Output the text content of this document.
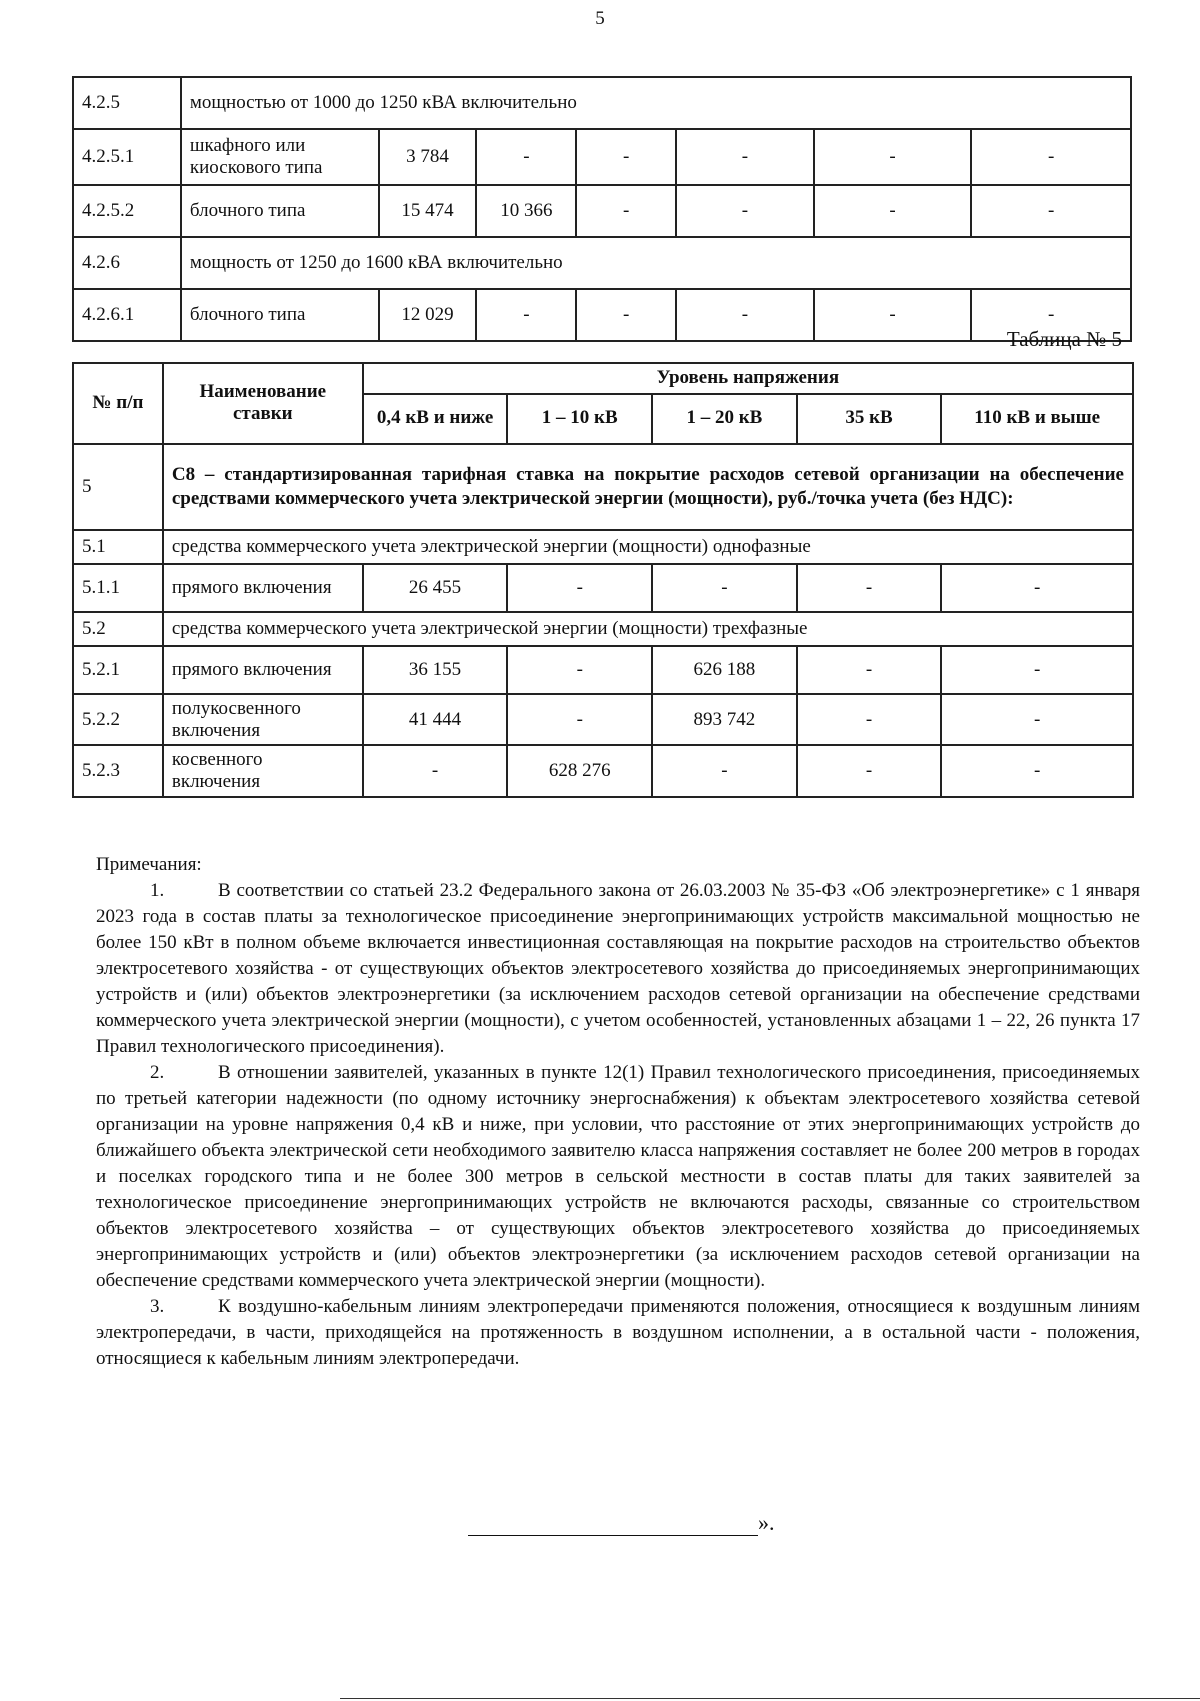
5
4.2.5	мощностью от 1000 до 1250 кВА включительно						
4.2.5.1	шкафного или киоскового типа	3 784	-	-	-	-	-
4.2.5.2	блочного типа	15 474	10 366	-	-	-	-
4.2.6	мощность от 1250 до 1600 кВА включительно						
4.2.6.1	блочного типа	12 029	-	-	-	-	-
Таблица № 5
№ п/п	Наименование ставки	Уровень напряжения				
		0,4 кВ и ниже	1 – 10 кВ	1 – 20 кВ	35 кВ	110 кВ и выше
5	С8 – стандартизированная тарифная ставка на покрытие расходов сетевой организации на обеспечение средствами коммерческого учета электрической энергии (мощности), руб./точка учета (без НДС):					
5.1	средства коммерческого учета электрической энергии (мощности) однофазные					
5.1.1	прямого включения	26 455	-	-	-	-
5.2	средства коммерческого учета электрической энергии (мощности) трехфазные					
5.2.1	прямого включения	36 155	-	626 188	-	-
5.2.2	полукосвенного включения	41 444	-	893 742	-	-
5.2.3	косвенного включения	-	628 276	-	-	-

Примечания:

1.	В соответствии со статьей 23.2 Федерального закона от 26.03.2003 № 35-ФЗ «Об электроэнергетике» с 1 января 2023 года в состав платы за технологическое присоединение энергопринимающих устройств максимальной мощностью не более 150 кВт в полном объеме включается инвестиционная составляющая на покрытие расходов на строительство объектов электросетевого хозяйства - от существующих объектов электросетевого хозяйства до присоединяемых энергопринимающих устройств и (или) объектов электроэнергетики (за исключением расходов сетевой организации на обеспечение средствами коммерческого учета электрической энергии (мощности), с учетом особенностей, установленных абзацами 1 – 22, 26 пункта 17 Правил технологического присоединения).

2.	В отношении заявителей, указанных в пункте 12(1) Правил технологического присоединения, присоединяемых по третьей категории надежности (по одному источнику энергоснабжения) к объектам электросетевого хозяйства сетевой организации на уровне напряжения 0,4 кВ и ниже, при условии, что расстояние от этих энергопринимающих устройств до ближайшего объекта электрической сети необходимого заявителю класса напряжения составляет не более 200 метров в городах и поселках городского типа и не более 300 метров в сельской местности в состав платы для таких заявителей за технологическое присоединение энергопринимающих устройств не включаются расходы, связанные со строительством объектов электросетевого хозяйства – от существующих объектов электросетевого хозяйства до присоединяемых энергопринимающих устройств и (или) объектов электроэнергетики (за исключением расходов сетевой организации на обеспечение средствами коммерческого учета электрической энергии (мощности).

3.	К воздушно-кабельным линиям электропередачи применяются положения, относящиеся к воздушным линиям электропередачи, в части, приходящейся на протяженность в воздушном исполнении, а в остальной части - положения, относящиеся к кабельным линиям электропередачи.

».
